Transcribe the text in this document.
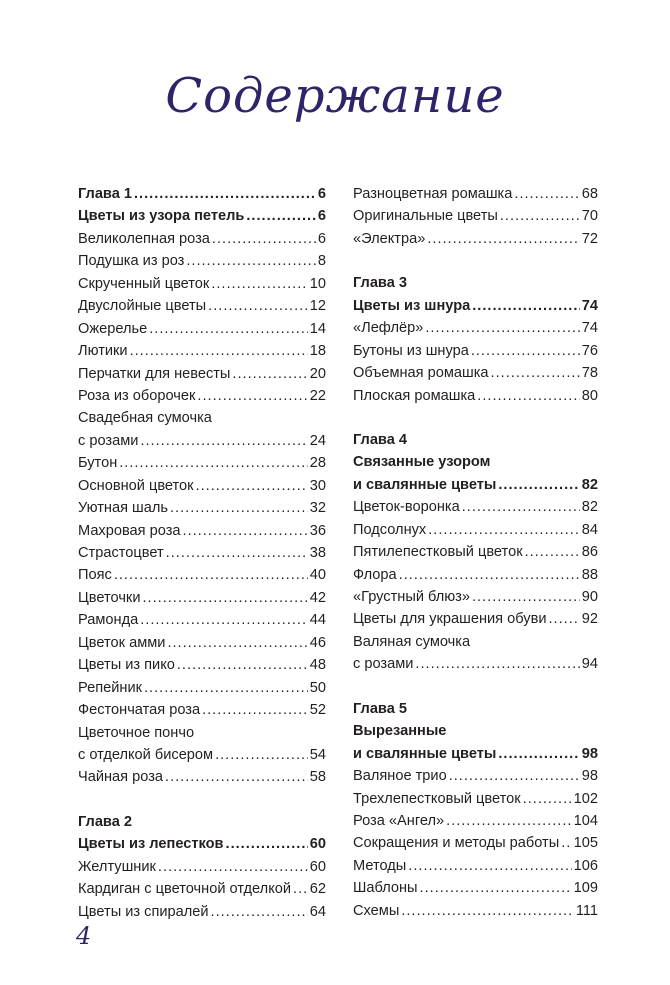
Содержание
Глава 1 .....	6
Цветы из узора петель .....	6
Великолепная роза .....	6
Подушка из роз .....	8
Скрученный цветок .....	10
Двуслойные цветы .....	12
Ожерелье .....	14
Лютики .....	18
Перчатки для невесты .....	20
Роза из оборочек .....	22
Свадебная сумочка
с розами .....	24
Бутон .....	28
Основной цветок .....	30
Уютная шаль .....	32
Махровая роза .....	36
Страстоцвет .....	38
Пояс .....	40
Цветочки .....	42
Рамонда .....	44
Цветок амми .....	46
Цветы из пико .....	48
Репейник .....	50
Фестончатая роза .....	52
Цветочное пончо
с отделкой бисером .....	54
Чайная роза .....	58
Глава 2
Цветы из лепестков .....	60
Желтушник .....	60
Кардиган с цветочной отделкой ..... 62
Цветы из спиралей .....	64
Разноцветная ромашка .....	68
Оригинальные цветы .....	70
«Электра» .....	72
Глава 3
Цветы из шнура .....	74
«Лефлёр» .....	74
Бутоны из шнура .....	76
Объемная ромашка .....	78
Плоская ромашка .....	80
Глава 4
Связанные узором
и свалянные цветы .....	82
Цветок-воронка .....	82
Подсолнух .....	84
Пятилепестковый цветок .....	86
Флора .....	88
«Грустный блюз» .....	90
Цветы для украшения обуви ..... 92
Валяная сумочка
с розами .....	94
Глава 5
Вырезанные
и свалянные цветы .....	98
Валяное трио .....	98
Трехлепестковый цветок .....	102
Роза «Ангел» .....	104
Сокращения и методы работы ..... 105
Методы .....	106
Шаблоны .....	109
Схемы .....	111
4
